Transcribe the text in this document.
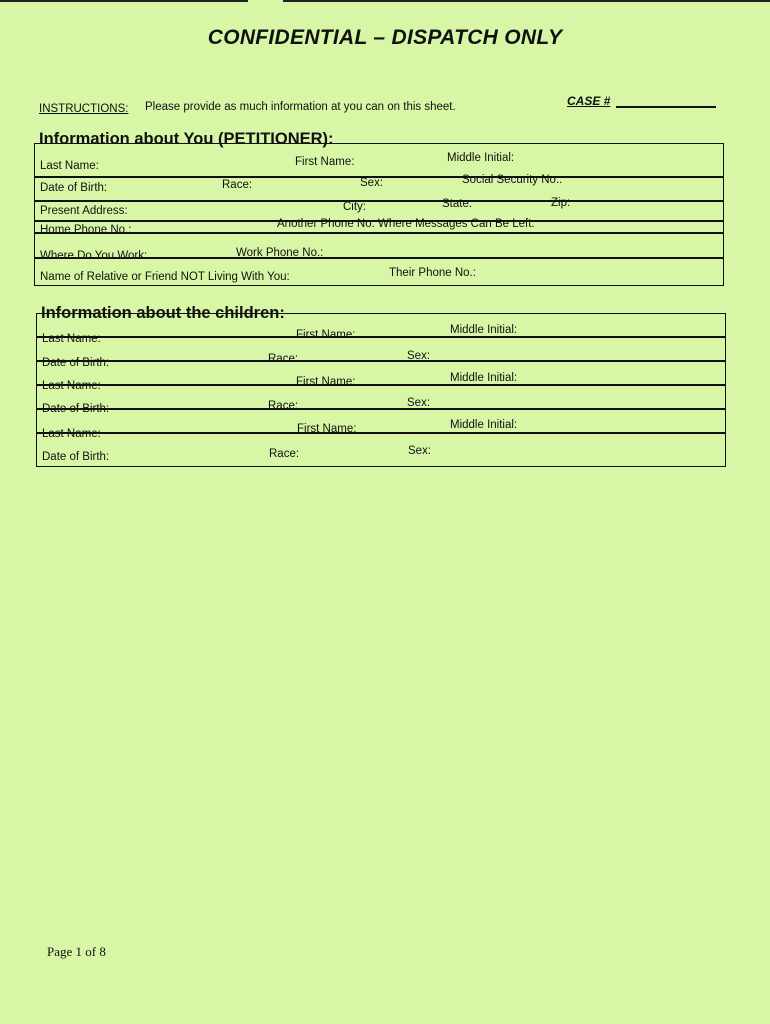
CONFIDENTIAL – DISPATCH ONLY
INSTRUCTIONS: Please provide as much information at you can on this sheet.	CASE #
Information about You (PETITIONER):
Last Name:	First Name:	Middle Initial:
Date of Birth:	Race:	Sex:	Social Security No.:
Present Address:	City:	State:	Zip:
Home Phone No.:	Another Phone No. Where Messages Can Be Left:
Where Do You Work:	Work Phone No.:
Name of Relative or Friend NOT Living With You:	Their Phone No.:
Information about the children:
Last Name:	First Name:	Middle Initial:
Date of Birth:	Race:	Sex:
Last Name:	First Name:	Middle Initial:
Date of Birth:	Race:	Sex:
Last Name:	First Name:	Middle Initial:
Date of Birth:	Race:	Sex:
Page 1 of 8
